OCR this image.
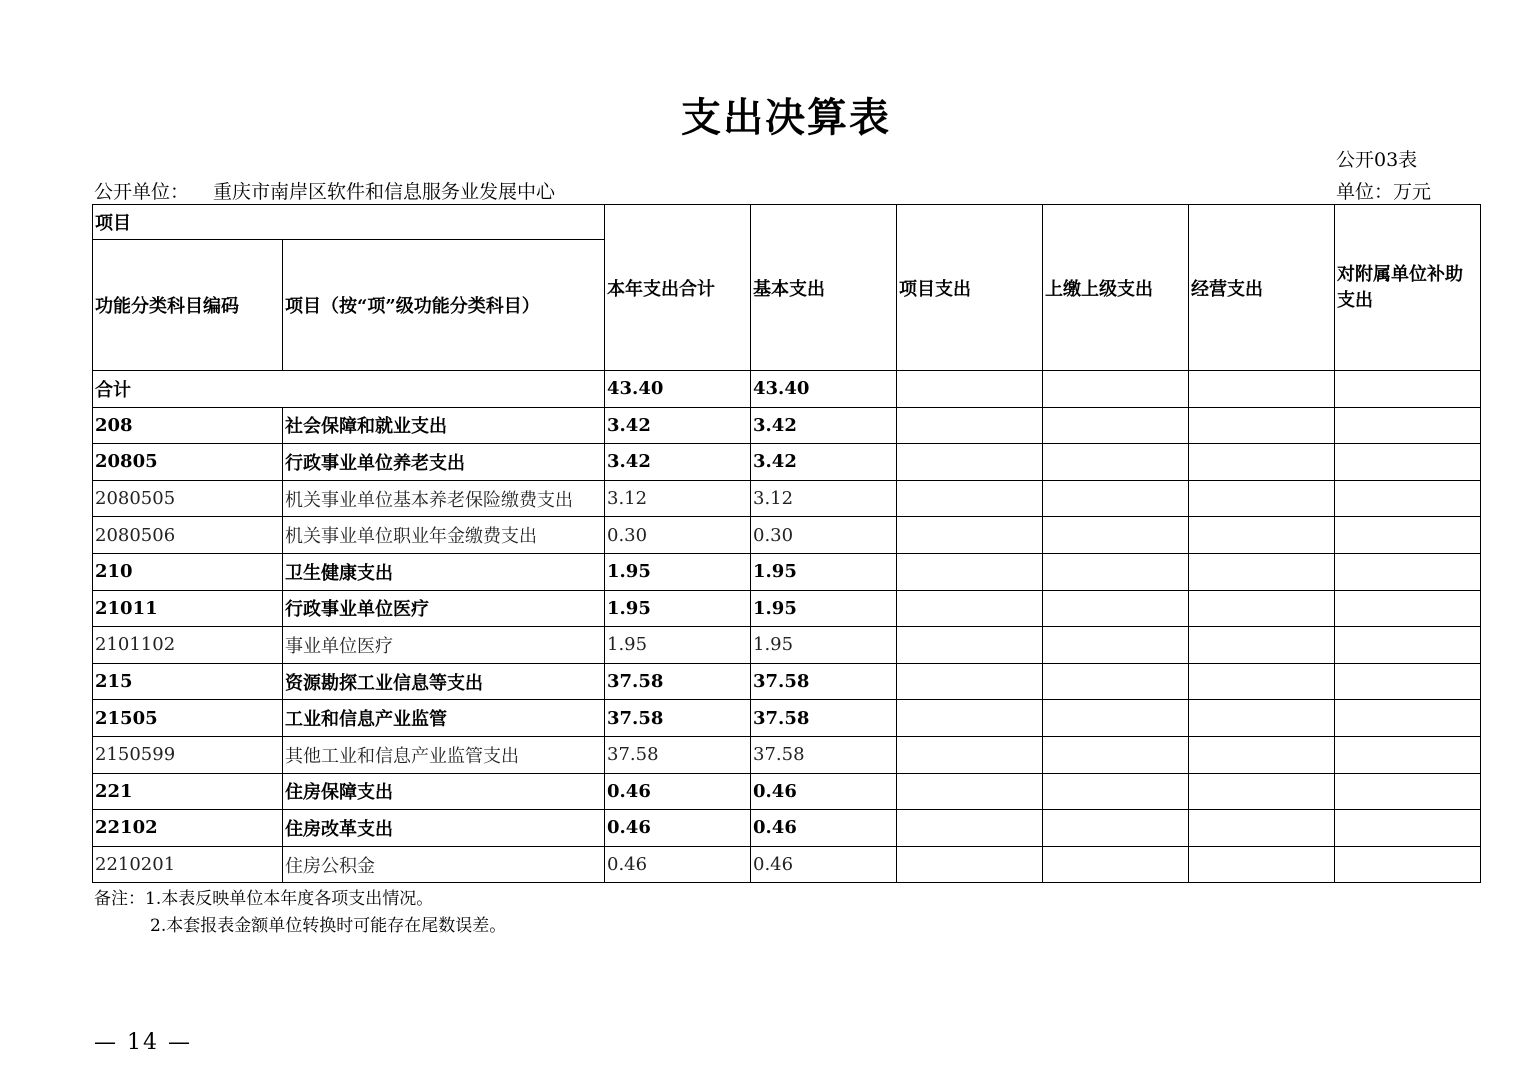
支出决算表
公开03表
公开单位： 重庆市南岸区软件和信息服务业发展中心	单位：万元
项目		本年支出合计	基本支出	项目支出	上缴上级支出	经营支出	对附属单位补助支出
功能分类科目编码	项目（按“项”级功能分类科目）						
合计		43.40	43.40				
208	社会保障和就业支出	3.42	3.42				
20805	行政事业单位养老支出	3.42	3.42				
2080505	机关事业单位基本养老保险缴费支出	3.12	3.12				
2080506	机关事业单位职业年金缴费支出	0.30	0.30				
210	卫生健康支出	1.95	1.95				
21011	行政事业单位医疗	1.95	1.95				
2101102	事业单位医疗	1.95	1.95				
215	资源勘探工业信息等支出	37.58	37.58				
21505	工业和信息产业监管	37.58	37.58				
2150599	其他工业和信息产业监管支出	37.58	37.58				
221	住房保障支出	0.46	0.46				
22102	住房改革支出	0.46	0.46				
2210201	住房公积金	0.46	0.46				
备注：1.本表反映单位本年度各项支出情况。
2.本套报表金额单位转换时可能存在尾数误差。
— 14 —
